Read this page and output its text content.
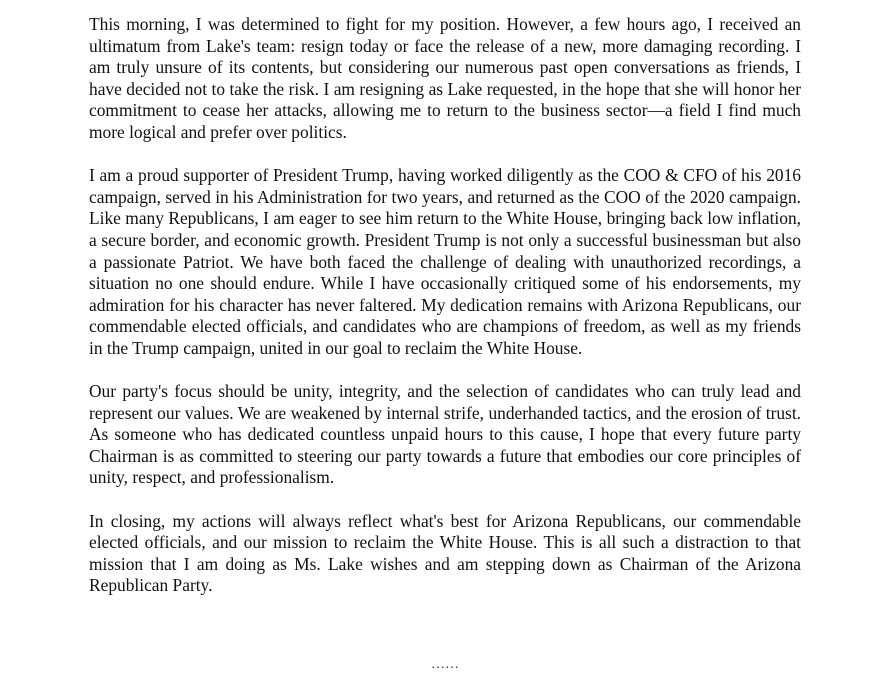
This morning, I was determined to fight for my position. However, a few hours ago, I received an ultimatum from Lake's team: resign today or face the release of a new, more damaging recording. I am truly unsure of its contents, but considering our numerous past open conversations as friends, I have decided not to take the risk. I am resigning as Lake requested, in the hope that she will honor her commitment to cease her attacks, allowing me to return to the business sector—a field I find much more logical and prefer over politics.

I am a proud supporter of President Trump, having worked diligently as the COO & CFO of his 2016 campaign, served in his Administration for two years, and returned as the COO of the 2020 campaign. Like many Republicans, I am eager to see him return to the White House, bringing back low inflation, a secure border, and economic growth. President Trump is not only a successful businessman but also a passionate Patriot. We have both faced the challenge of dealing with unauthorized recordings, a situation no one should endure. While I have occasionally critiqued some of his endorsements, my admiration for his character has never faltered. My dedication remains with Arizona Republicans, our commendable elected officials, and candidates who are champions of freedom, as well as my friends in the Trump campaign, united in our goal to reclaim the White House.

Our party's focus should be unity, integrity, and the selection of candidates who can truly lead and represent our values. We are weakened by internal strife, underhanded tactics, and the erosion of trust. As someone who has dedicated countless unpaid hours to this cause, I hope that every future party Chairman is as committed to steering our party towards a future that embodies our core principles of unity, respect, and professionalism.

In closing, my actions will always reflect what's best for Arizona Republicans, our commendable elected officials, and our mission to reclaim the White House. This is all such a distraction to that mission that I am doing as Ms. Lake wishes and am stepping down as Chairman of the Arizona Republican Party.

……
